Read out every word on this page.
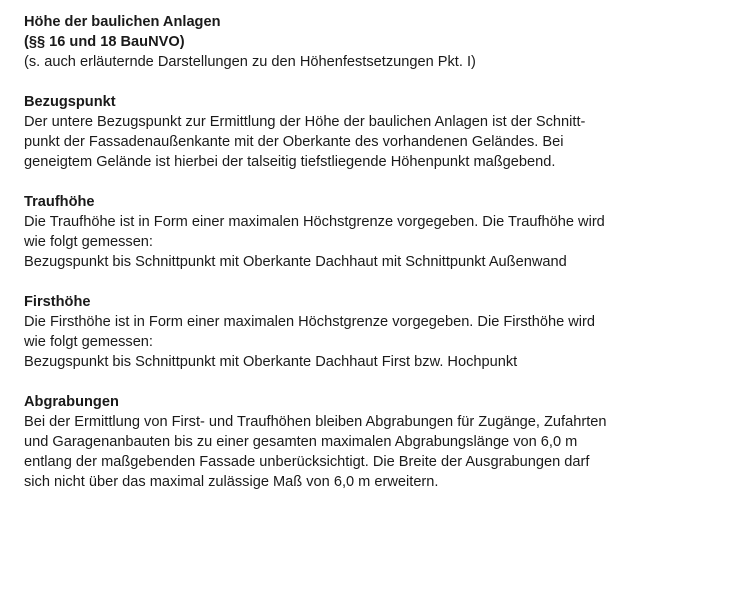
Höhe der baulichen Anlagen
(§§ 16 und 18 BauNVO)
(s. auch erläuternde Darstellungen zu den Höhenfestsetzungen Pkt. I)
Bezugspunkt
Der untere Bezugspunkt zur Ermittlung der Höhe der baulichen Anlagen ist der Schnitt-
punkt der Fassadenaußenkante mit der Oberkante des vorhandenen Geländes. Bei
geneigtem Gelände ist hierbei der talseitig tiefstliegende Höhenpunkt maßgebend.
Traufhöhe
Die Traufhöhe ist in Form einer maximalen Höchstgrenze vorgegeben. Die Traufhöhe wird
wie folgt gemessen:
Bezugspunkt bis Schnittpunkt mit Oberkante Dachhaut mit Schnittpunkt Außenwand
Firsthöhe
Die Firsthöhe ist in Form einer maximalen Höchstgrenze vorgegeben. Die Firsthöhe wird
wie folgt gemessen:
Bezugspunkt bis Schnittpunkt mit Oberkante Dachhaut First bzw. Hochpunkt
Abgrabungen
Bei der Ermittlung von First- und Traufhöhen bleiben Abgrabungen für Zugänge, Zufahrten
und Garagenanbauten bis zu einer gesamten maximalen Abgrabungslänge von 6,0 m
entlang der maßgebenden Fassade unberücksichtigt. Die Breite der Ausgrabungen darf
sich nicht über das maximal zulässige Maß von 6,0 m erweitern.
